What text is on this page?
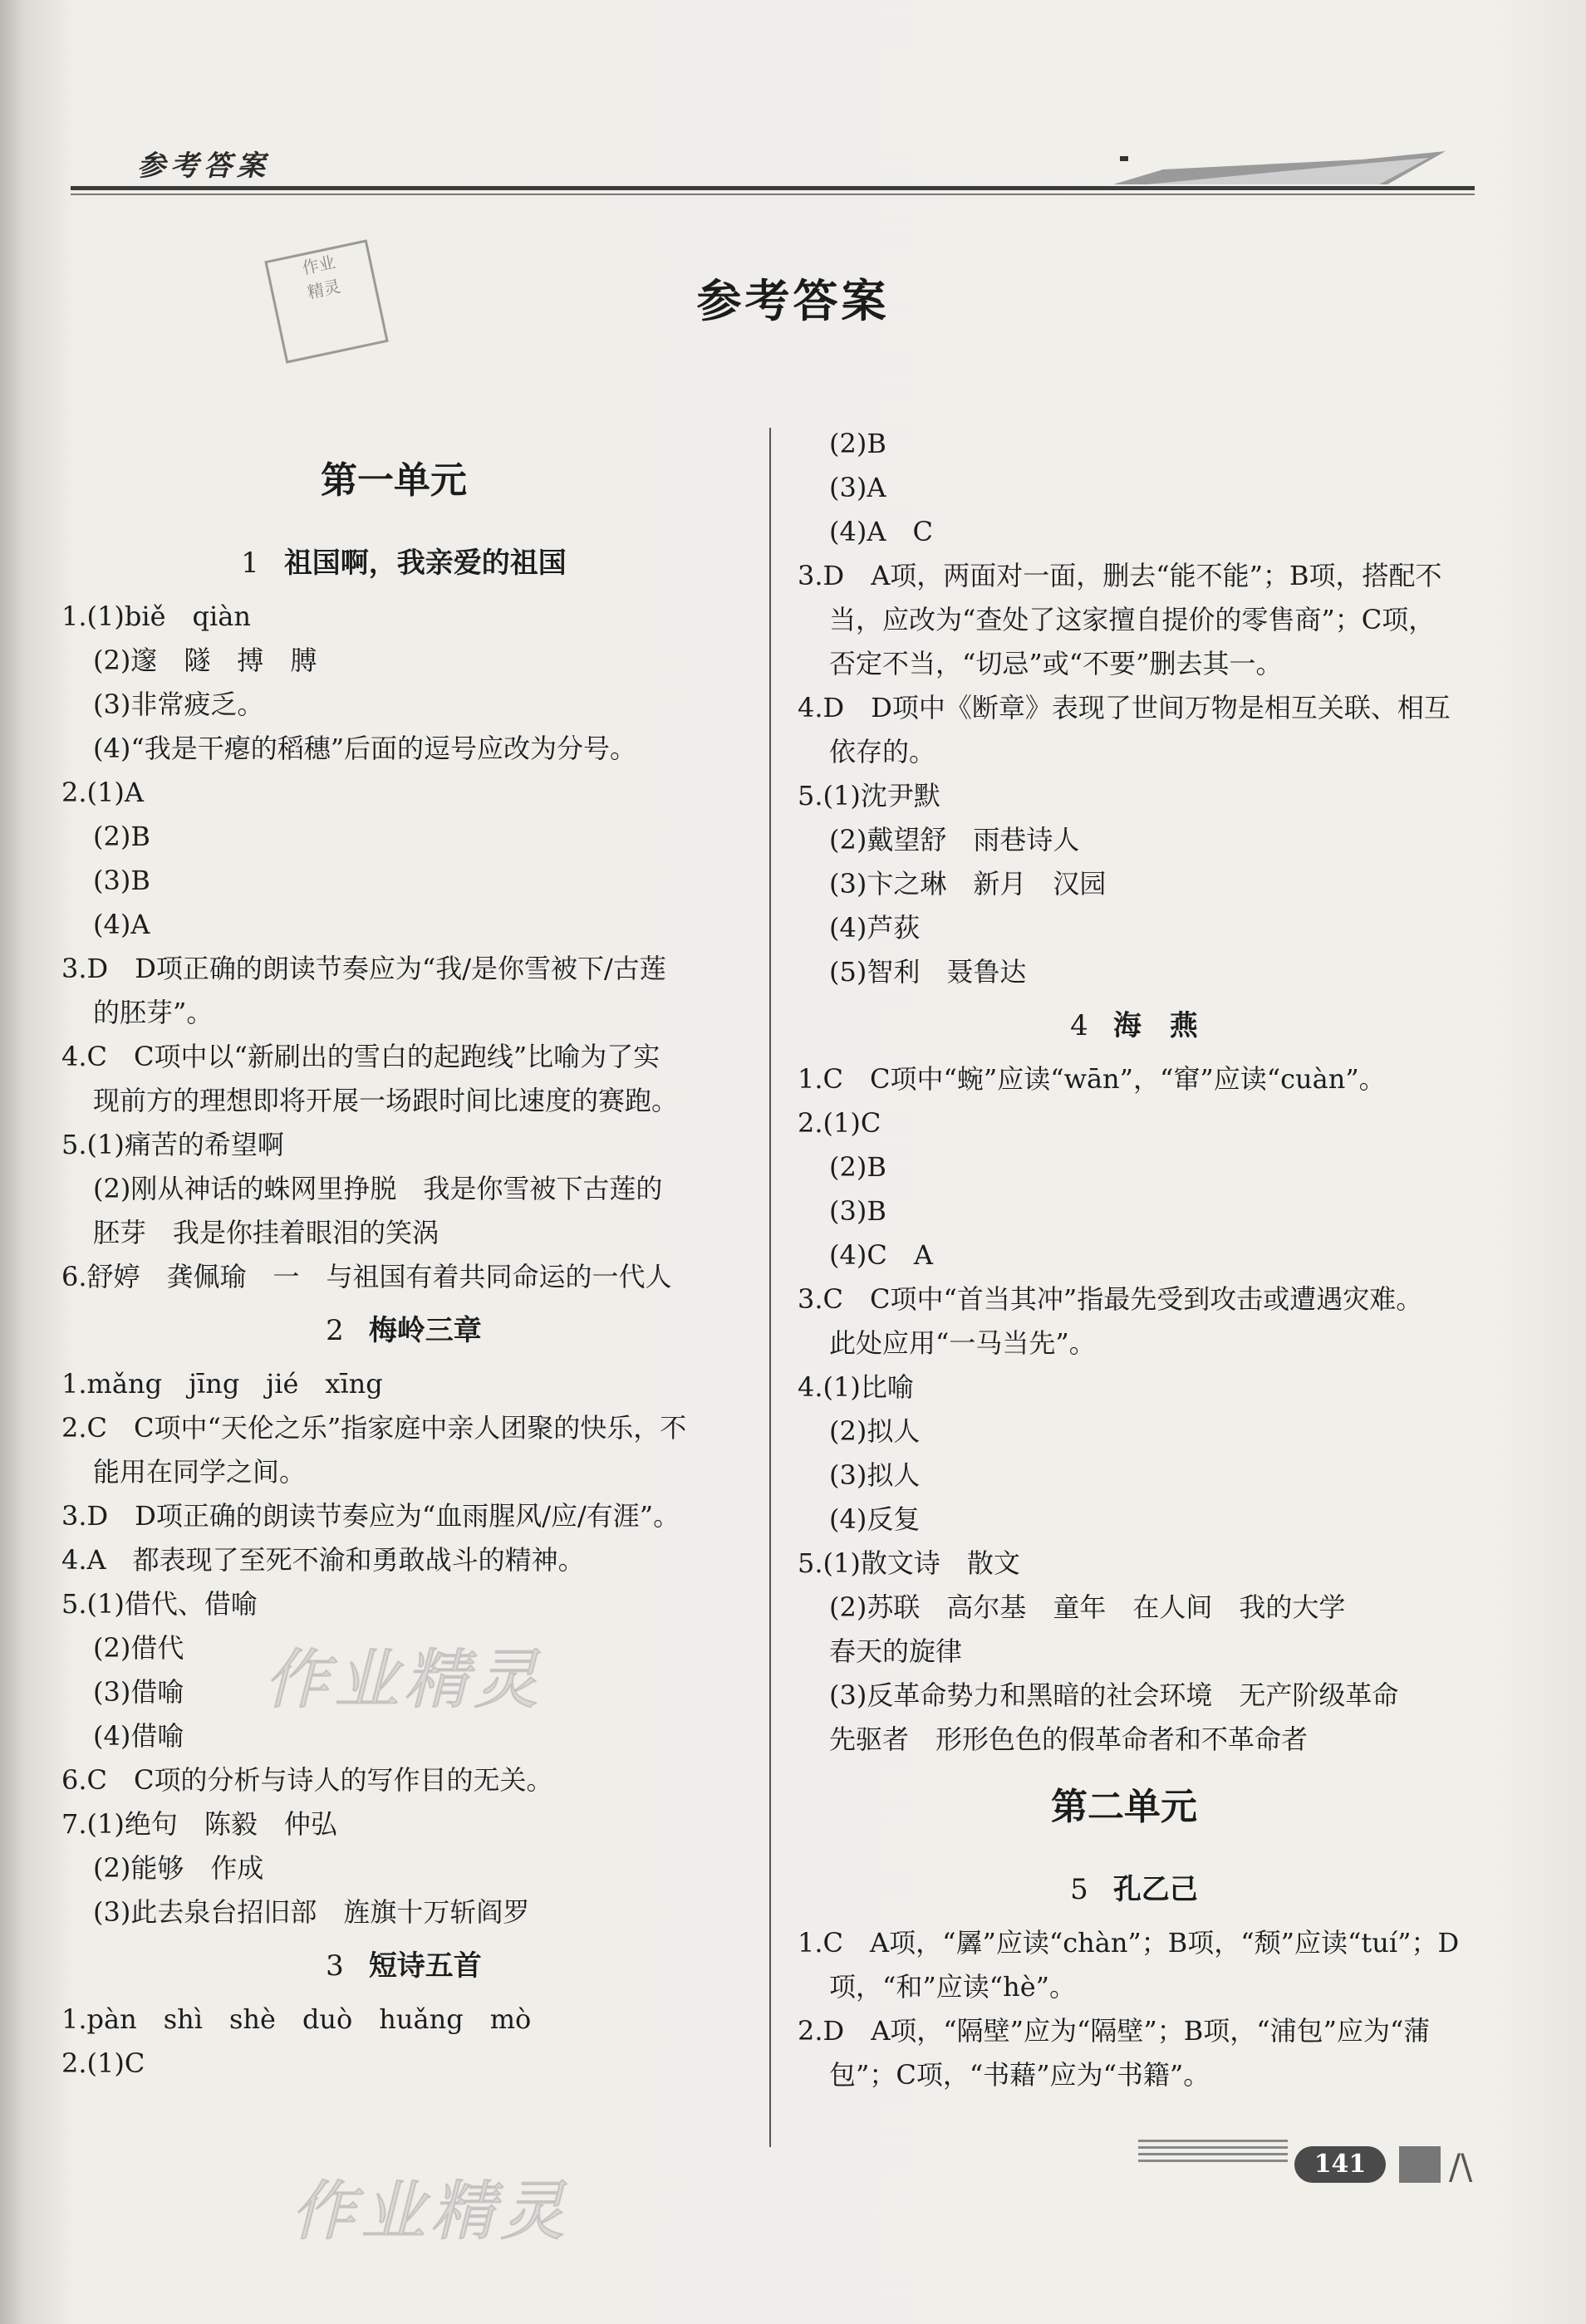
参考答案
作业
精灵	参考答案
第一单元
1 祖国啊，我亲爱的祖国
1.(1)biě　qiàn
(2)邃　隧　搏　膊
(3)非常疲乏。
(4)“我是干瘪的稻穗”后面的逗号应改为分号。
2.(1)A
(2)B
(3)B
(4)A
3.D　D项正确的朗读节奏应为“我/是你雪被下/古莲
的胚芽”。
4.C　C项中以“新刷出的雪白的起跑线”比喻为了实
现前方的理想即将开展一场跟时间比速度的赛跑。
5.(1)痛苦的希望啊
(2)刚从神话的蛛网里挣脱　我是你雪被下古莲的
胚芽　我是你挂着眼泪的笑涡
6.舒婷　龚佩瑜　一　与祖国有着共同命运的一代人
2 梅岭三章
1.mǎng　jīng　jié　xīng
2.C　C项中“天伦之乐”指家庭中亲人团聚的快乐，不
能用在同学之间。
3.D　D项正确的朗读节奏应为“血雨腥风/应/有涯”。
4.A　都表现了至死不渝和勇敢战斗的精神。
5.(1)借代、借喻
(2)借代
(3)借喻
(4)借喻
6.C　C项的分析与诗人的写作目的无关。
7.(1)绝句　陈毅　仲弘
(2)能够　作成
(3)此去泉台招旧部　旌旗十万斩阎罗
3 短诗五首
1.pàn　shì　shè　duò　huǎng　mò
2.(1)C
(2)B
(3)A
(4)A　C
3.D　A项，两面对一面，删去“能不能”；B项，搭配不
当，应改为“查处了这家擅自提价的零售商”；C项，
否定不当，“切忌”或“不要”删去其一。
4.D　D项中《断章》表现了世间万物是相互关联、相互
依存的。
5.(1)沈尹默
(2)戴望舒　雨巷诗人
(3)卞之琳　新月　汉园
(4)芦荻
(5)智利　聂鲁达
4 海　燕
1.C　C项中“蜿”应读“wān”，“窜”应读“cuàn”。
2.(1)C
(2)B
(3)B
(4)C　A
3.C　C项中“首当其冲”指最先受到攻击或遭遇灾难。
此处应用“一马当先”。
4.(1)比喻
(2)拟人
(3)拟人
(4)反复
5.(1)散文诗　散文
(2)苏联　高尔基　童年　在人间　我的大学
春天的旋律
(3)反革命势力和黑暗的社会环境　无产阶级革命
先驱者　形形色色的假革命者和不革命者
第二单元
5 孔乙己
1.C　A项，“羼”应读“chàn”；B项，“颓”应读“tuí”；D
项，“和”应读“hè”。
2.D　A项，“隔壁”应为“隔壁”；B项，“浦包”应为“蒲
包”；C项，“书藉”应为“书籍”。
作业精灵
作业精灵
141	/\
